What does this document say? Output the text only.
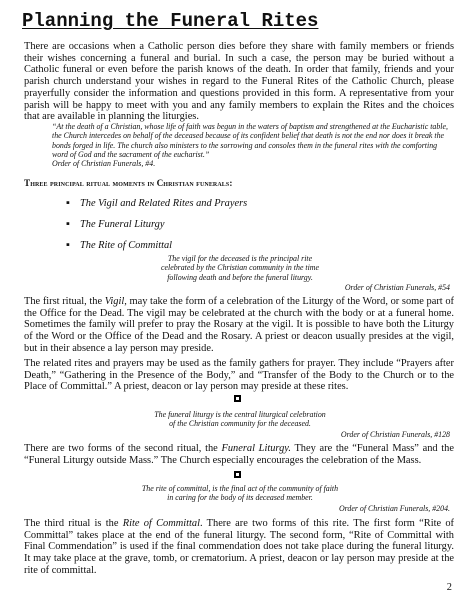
Planning the Funeral Rites

There are occasions when a Catholic person dies before they share with family members or friends their wishes concerning a funeral and burial. In such a case, the person may be buried without a Catholic funeral or even before the parish knows of the death. In order that family, friends and your parish church understand your wishes in regard to the Funeral Rites of the Catholic Church, please prayerfully consider the information and questions provided in this form. A representative from your parish will be happy to meet with you and any family members to explain the Rites and the choices that are available in planning the liturgies.

“At the death of a Christian, whose life of faith was begun in the waters of baptism and strengthened at the Eucharistic table, the Church intercedes on behalf of the deceased because of its confident belief that death is not the end nor does it break the bonds forged in life. The church also ministers to the sorrowing and consoles them in the funeral rites with the comforting word of God and the sacrament of the eucharist.”

Order of Christian Funerals, #4.

Three principal ritual moments in Christian funerals:
▪ The Vigil and Related Rites and Prayers
▪ The Funeral Liturgy
▪ The Rite of Committal
The vigil for the deceased is the principal rite
celebrated by the Christian community in the time
following death and before the funeral liturgy.
Order of Christian Funerals, #54

The first ritual, the Vigil, may take the form of a celebration of the Liturgy of the Word, or some part of the Office for the Dead. The vigil may be celebrated at the church with the body or at a funeral home. Sometimes the family will prefer to pray the Rosary at the vigil. It is possible to have both the Liturgy of the Word or the Office of the Dead and the Rosary. A priest or deacon usually presides at the vigil, but in their absence a lay person may preside.

The related rites and prayers may be used as the family gathers for prayer. They include “Prayers after Death,” “Gathering in the Presence of the Body,” and “Transfer of the Body to the Church or to the Place of Committal.” A priest, deacon or lay person may preside at these rites.

The funeral liturgy is the central liturgical celebration
of the Christian community for the deceased.
Order of Christian Funerals, #128

There are two forms of the second ritual, the Funeral Liturgy. They are the “Funeral Mass” and the “Funeral Liturgy outside Mass.” The Church especially encourages the celebration of the Mass.

The rite of committal, is the final act of the community of faith
in caring for the body of its deceased member.
Order of Christian Funerals, #204.

The third ritual is the Rite of Committal. There are two forms of this rite. The first form “Rite of Committal” takes place at the end of the funeral liturgy. The second form, “Rite of Committal with Final Commendation” is used if the final commendation does not take place during the funeral liturgy. It may take place at the grave, tomb, or crematorium. A priest, deacon or lay person may preside at the rite of committal.

2
